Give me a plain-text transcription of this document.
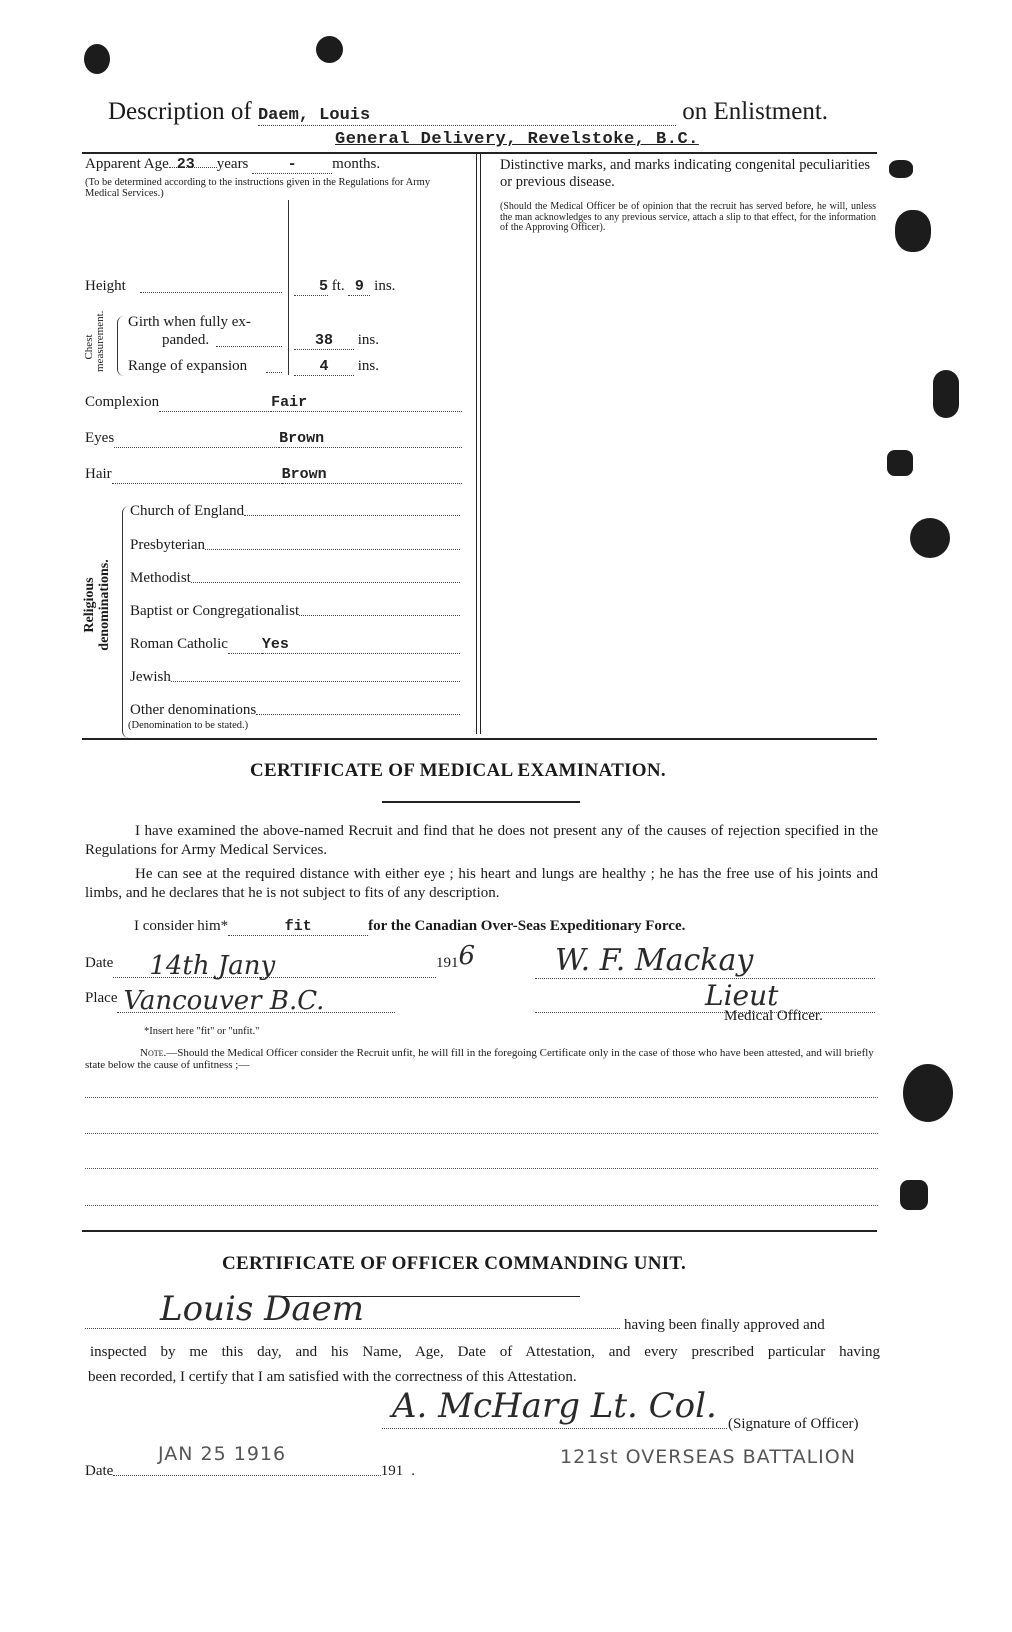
Description of Daem, Louis	on Enlistment.
General Delivery, Revelstoke, B.C.
Apparent Age 23 years	- months.
(To be determined according to the instructions given in the Regulations for Army Medical Services.)
Height	5 ft. 9 ins.
Chest measurement. Girth when fully ex-
panded.	38 ins.
Range of expansion	4 ins.
Complexion	Fair
Eyes	Brown
Hair	Brown
Religious denominations.
Church of England
Presbyterian
Methodist
Baptist or Congregationalist
Roman Catholic Yes
Jewish
Other denominations
(Denomination to be stated.)
Distinctive marks, and marks indicating congenital peculiarities or previous disease.
(Should the Medical Officer be of opinion that the recruit has served before, he will, unless the man acknowledges to any previous service, attach a slip to that effect, for the information of the Approving Officer).
CERTIFICATE OF MEDICAL EXAMINATION.
I have examined the above-named Recruit and find that he does not present any of the causes of rejection specified in the Regulations for Army Medical Services.
He can see at the required distance with either eye ; his heart and lungs are healthy ; he has the free use of his joints and limbs, and he declares that he is not subject to fits of any description.
I consider him*	fit	for the Canadian Over-Seas Expeditionary Force.
Date	14th Jany	191 6
Place Vancouver B.C.
W. F. Mackay
Lieut
Medical Officer.
*Insert here "fit" or "unfit."
Note.—Should the Medical Officer consider the Recruit unfit, he will fill in the foregoing Certificate only in the case of those who have been attested, and will briefly state below the cause of unfitness ;—
CERTIFICATE OF OFFICER COMMANDING UNIT.
Louis Daem	having been finally approved and
inspected by me this day, and his Name, Age, Date of Attestation, and every prescribed particular having
been recorded, I certify that I am satisfied with the correctness of this Attestation.
A. McHarg Lt. Col. (Signature of Officer)
JAN 25 1916
Date	191 .
121st OVERSEAS BATTALION
